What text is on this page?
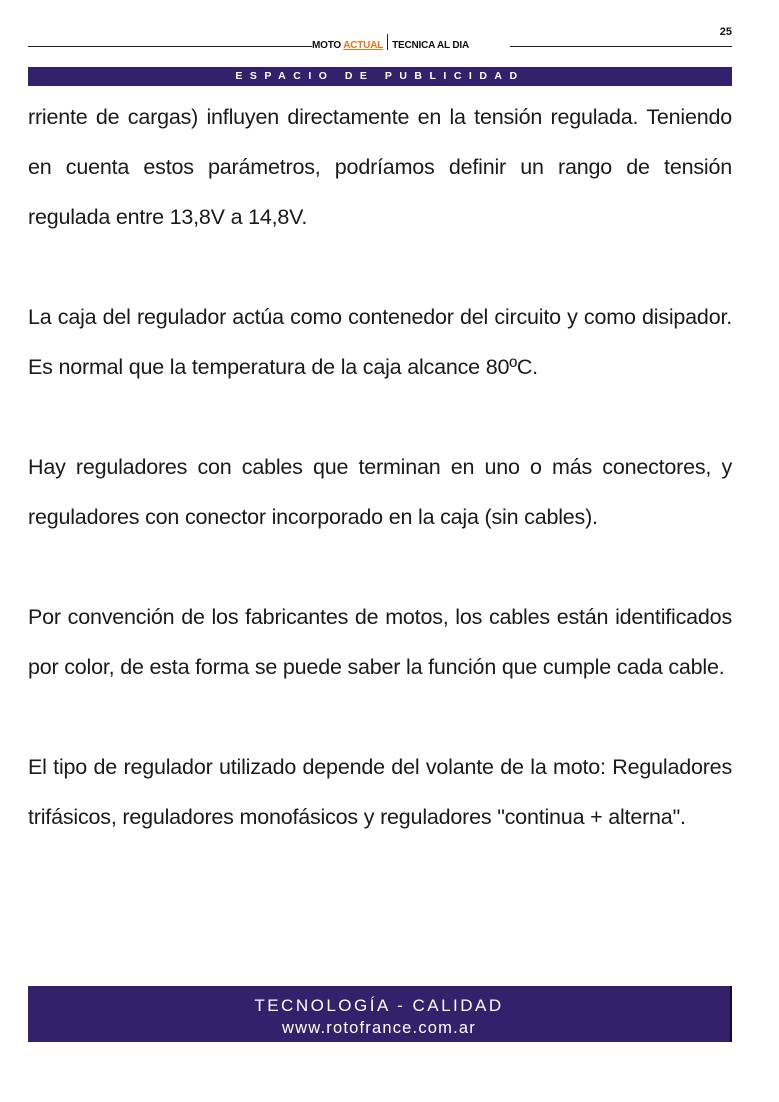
MOTO ACTUAL TECNICA AL DIA
25
ESPACIO DE PUBLICIDAD

rriente de cargas) influyen directamente en la tensión regulada. Teniendo en cuenta estos parámetros, podríamos definir un rango de tensión regulada entre 13,8V a 14,8V.

La caja del regulador actúa como contenedor del circuito y como disipador. Es normal que la temperatura de la caja alcance 80ºC.

Hay reguladores con cables que terminan en uno o más conectores, y reguladores con conector incorporado en la caja (sin cables).

Por convención de los fabricantes de motos, los cables están identificados por color, de esta forma se puede saber la función que cumple cada cable.

El tipo de regulador utilizado depende del volante de la moto: Reguladores trifásicos, reguladores monofásicos y reguladores "continua + alterna".

TECNOLOGÍA - CALIDAD
www.rotofrance.com.ar
